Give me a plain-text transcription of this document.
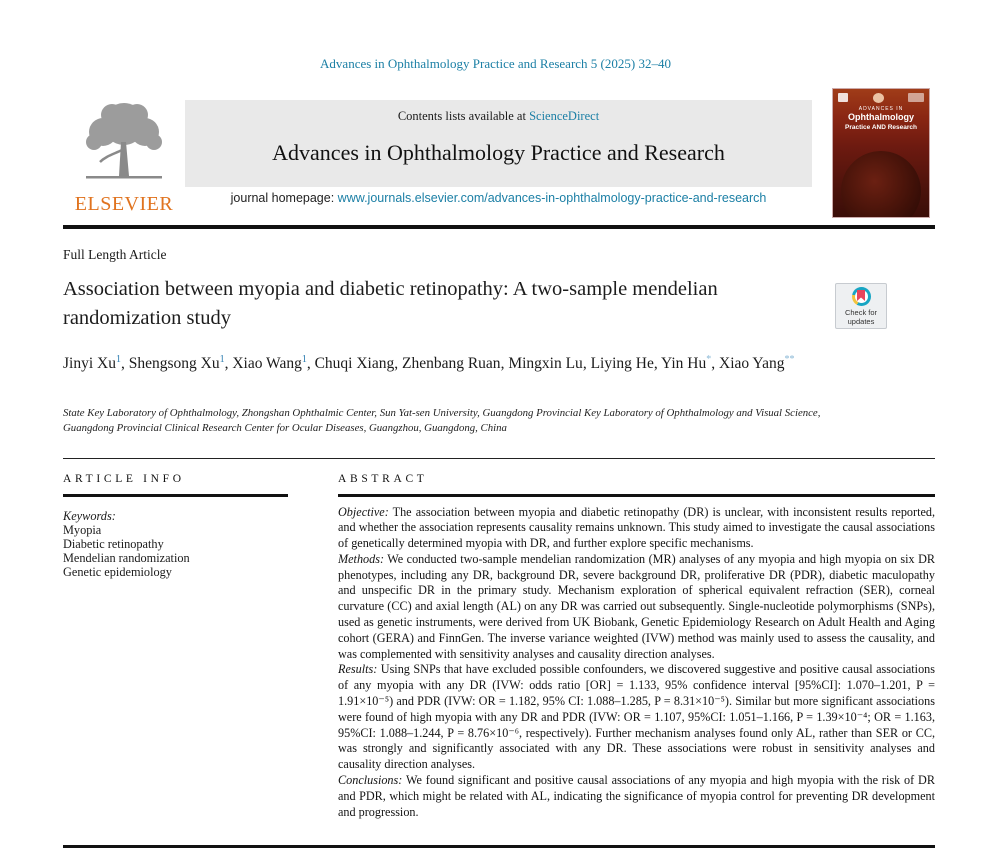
Advances in Ophthalmology Practice and Research 5 (2025) 32–40
ELSEVIER
Contents lists available at ScienceDirect
Advances in Ophthalmology Practice and Research
journal homepage: www.journals.elsevier.com/advances-in-ophthalmology-practice-and-research
ADVANCES IN
Ophthalmology
Practice AND Research
Full Length Article
Association between myopia and diabetic retinopathy: A two-sample mendelian randomization study	Check for
updates
Jinyi Xu$^1$, Shengsong Xu$^1$, Xiao Wang$^1$, Chuqi Xiang, Zhenbang Ruan, Mingxin Lu, Liying He, Yin Hu*, Xiao Yang**
State Key Laboratory of Ophthalmology, Zhongshan Ophthalmic Center, Sun Yat-sen University, Guangdong Provincial Key Laboratory of Ophthalmology and Visual Science, Guangdong Provincial Clinical Research Center for Ocular Diseases, Guangzhou, Guangdong, China
ARTICLE INFO
Keywords:
Myopia
Diabetic retinopathy
Mendelian randomization
Genetic epidemiology
ABSTRACT

Objective: The association between myopia and diabetic retinopathy (DR) is unclear, with inconsistent results reported, and whether the association represents causality remains unknown. This study aimed to investigate the causal associations of genetically determined myopia with DR, and further explore specific mechanisms.

Methods: We conducted two-sample mendelian randomization (MR) analyses of any myopia and high myopia on six DR phenotypes, including any DR, background DR, severe background DR, proliferative DR (PDR), diabetic maculopathy and unspecific DR in the primary study. Mechanism exploration of spherical equivalent refraction (SER), corneal curvature (CC) and axial length (AL) on any DR was carried out subsequently. Single-nucleotide polymorphisms (SNPs), used as genetic instruments, were derived from UK Biobank, Genetic Epidemiology Research on Adult Health and Aging cohort (GERA) and FinnGen. The inverse variance weighted (IVW) method was mainly used to assess the causality, and was complemented with sensitivity analyses and causality direction analyses.

Results: Using SNPs that have excluded possible confounders, we discovered suggestive and positive causal associations of any myopia with any DR (IVW: odds ratio [OR] = 1.133, 95% confidence interval [95%CI]: 1.070–1.201, P = 1.91×10⁻⁵) and PDR (IVW: OR = 1.182, 95% CI: 1.088–1.285, P = 8.31×10⁻⁵). Similar but more significant associations were found of high myopia with any DR and PDR (IVW: OR = 1.107, 95%CI: 1.051–1.166, P = 1.39×10⁻⁴; OR = 1.163, 95%CI: 1.088–1.244, P = 8.76×10⁻⁶, respectively). Further mechanism analyses found only AL, rather than SER or CC, was strongly and significantly associated with any DR. These associations were robust in sensitivity analyses and causality direction analyses.

Conclusions: We found significant and positive causal associations of any myopia and high myopia with the risk of DR and PDR, which might be related with AL, indicating the significance of myopia control for preventing DR development and progression.
